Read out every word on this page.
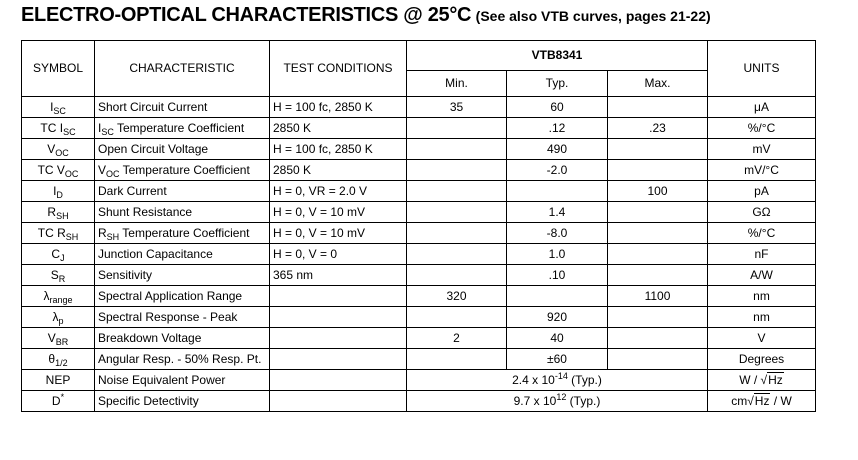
ELECTRO-OPTICAL CHARACTERISTICS @ 25°C (See also VTB curves, pages 21-22)
SYMBOL	CHARACTERISTIC	TEST CONDITIONS	VTB8341			UNITS
			Min.	Typ.	Max.	
$I_{SC}$	Short Circuit Current	H = 100 fc, 2850 K	35	60		μA
TC $I_{SC}$	$I_{SC}$ Temperature Coefficient	2850 K		.12	.23	%/°C
$V_{OC}$	Open Circuit Voltage	H = 100 fc, 2850 K		490		mV
TC $V_{OC}$	$V_{OC}$ Temperature Coefficient	2850 K		-2.0		mV/°C
$I_D$	Dark Current	H = 0, VR = 2.0 V			100	pA
$R_{SH}$	Shunt Resistance	H = 0, V = 10 mV		1.4		GΩ
TC $R_{SH}$	$R_{SH}$ Temperature Coefficient	H = 0, V = 10 mV		-8.0		%/°C
$C_J$	Junction Capacitance	H = 0, V = 0		1.0		nF
$S_R$	Sensitivity	365 nm		.10		A/W
$\lambda_{range}$	Spectral Application Range		320		1100	nm
$\lambda_p$	Spectral Response - Peak			920		nm
$V_{BR}$	Breakdown Voltage		2	40		V
$\theta_{1/2}$	Angular Resp. - 50% Resp. Pt.			±60		Degrees
NEP	Noise Equivalent Power		2.4 x $10^{-14}$ (Typ.)			W / √Hz
D*	Specific Detectivity		9.7 x $10^{12}$ (Typ.)			cm√Hz / W
